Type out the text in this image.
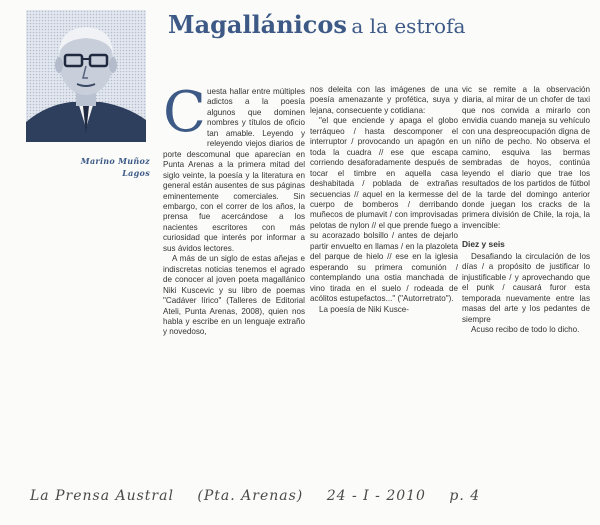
Magallánicos a la estrofa
Marino Muñoz
Lagos
C uesta hallar entre múltiples adictos a la poesía algunos que dominen nombres y títulos de oficio tan amable. Leyendo y releyendo viejos diarios de porte descomunal que aparecían en Punta Arenas a la primera mitad del siglo veinte, la poesía y la literatura en general están ausentes de sus páginas eminentemente comerciales. Sin embargo, con el correr de los años, la prensa fue acercándose a los nacientes escritores con más curiosidad que interés por informar a sus ávidos lectores.

A más de un siglo de estas añejas e indiscretas noticias tenemos el agrado de conocer al joven poeta magallánico Niki Kuscevic y su libro de poemas "Cadáver lírico" (Talleres de Editorial Ateli, Punta Arenas, 2008), quien nos habla y escribe en un lenguaje extraño y novedoso,

nos deleita con las imágenes de una poesía amenazante y profética, suya y lejana, consecuente y cotidiana:

"el que enciende y apaga el globo terráqueo / hasta descomponer el interruptor / provocando un apagón en toda la cuadra // ese que escapa corriendo desaforadamente después de tocar el timbre en aquella casa deshabitada / poblada de extrañas secuencias // aquel en la kermesse del cuerpo de bomberos / derribando muñecos de plumavit / con improvisadas pelotas de nylon // el que prende fuego a su acorazado bolsillo / antes de dejarlo partir envuelto en llamas / en la plazoleta del parque de hielo // ese en la iglesia esperando su primera comunión / contemplando una ostia manchada de vino tirada en el suelo / rodeada de acólitos estupefactos..." ("Autorretrato").

La poesía de Niki Kusce-

vic se remite a la observación diaria, al mirar de un chofer de taxi que nos convida a mirarlo con envidia cuando maneja su vehículo con una despreocupación digna de un niño de pecho. No observa el camino, esquiva las bermas sembradas de hoyos, continúa leyendo el diario que trae los resultados de los partidos de fútbol de la tarde del domingo anterior donde juegan los cracks de la primera división de Chile, la roja, la invencible:

Diez y seis

Desafiando la circulación de los días / a propósito de justificar lo injustificable / y aprovechando que el punk / causará furor esta temporada nuevamente entre las masas del arte y los pedantes de siempre

Acuso recibo de todo lo dicho.

La Prensa Austral (Pta. Arenas) 24 - I - 2010 p. 4
